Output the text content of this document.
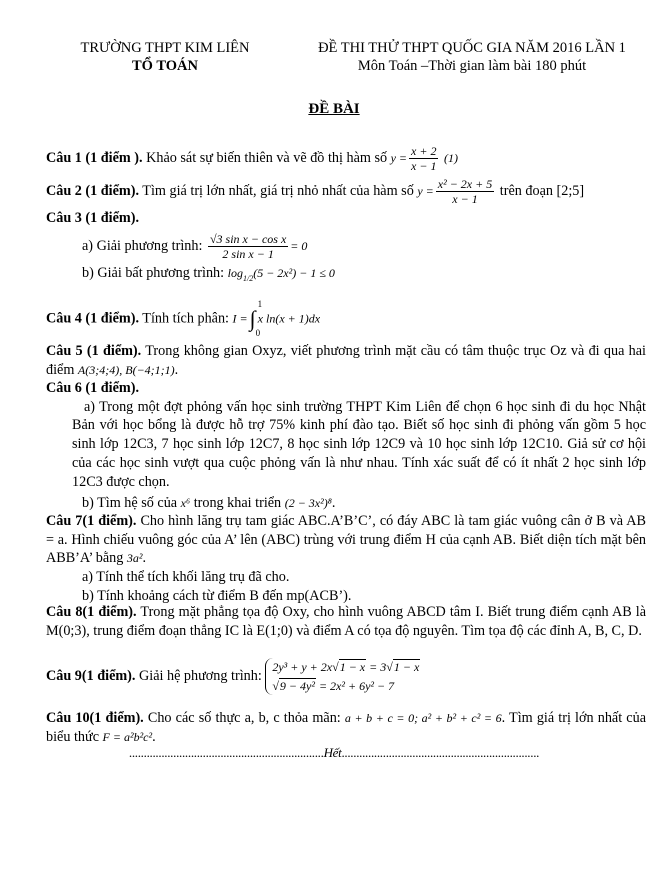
TRƯỜNG THPT KIM LIÊN
TỔ TOÁN
ĐỀ THI THỬ THPT QUỐC GIA NĂM 2016 LẦN 1
Môn Toán –Thời gian làm bài 180 phút
ĐỀ BÀI
Câu 1 (1 điểm ). Khảo sát sự biến thiên và vẽ đồ thị hàm số $y = \frac{x + 2}{x - 1} (1)$
Câu 2 (1 điểm). Tìm giá trị lớn nhất, giá trị nhỏ nhất của hàm số $y = \frac{\text{x² − 2x + 5}}{x - 1}$ trên đoạn [2;5]
Câu 3 (1 điểm).
a) Giải phương trình: $\frac{\text{√3 sin x − cos x}}{\text{2 sin x − 1}} = 0$
b) Giải bất phương trình: $\log_{1/2}(5 - 2x^2) - 1 \le 0$
Câu 4 (1 điểm). Tính tích phân: I =∫
1
0
x ln(x + 1)dx
Câu 5 (1 điểm). Trong không gian Oxyz, viết phương trình mặt cầu có tâm thuộc trục Oz và đi qua hai điểm A(3;4;4), B(−4;1;1).
Câu 6 (1 điểm).
a) Trong một đợt phỏng vấn học sinh trường THPT Kim Liên để chọn 6 học sinh đi du học Nhật Bản với học bổng là được hỗ trợ 75% kinh phí đào tạo. Biết số học sinh đi phỏng vấn gồm 5 học sinh lớp 12C3, 7 học sinh lớp 12C7, 8 học sinh lớp 12C9 và 10 học sinh lớp 12C10. Giả sử cơ hội của các học sinh vượt qua cuộc phỏng vấn là như nhau. Tính xác suất để có ít nhất 2 học sinh lớp 12C3 được chọn.
b) Tìm hệ số của x⁶ trong khai triển (2 − 3x²)⁸.
Câu 7(1 điểm). Cho hình lăng trụ tam giác ABC.A’B’C’, có đáy ABC là tam giác vuông cân ở B và AB = a. Hình chiếu vuông góc của A’ lên (ABC) trùng với trung điểm H của cạnh AB. Biết diện tích mặt bên ABB’A’ bằng 3a².
a) Tính thể tích khối lăng trụ đã cho.
b) Tính khoảng cách từ điểm B đến mp(ACB’).
Câu 8(1 điểm). Trong mặt phẳng tọa độ Oxy, cho hình vuông ABCD tâm I. Biết trung điểm cạnh AB là M(0;3), trung điểm đoạn thẳng IC là E(1;0) và điểm A có tọa độ nguyên. Tìm tọa độ các đỉnh A, B, C, D.
Câu 9(1 điểm). Giải hệ phương trình:
2y³ + y + 2x√1 − x = 3√1 − x
√9 − 4y² = 2x² + 6y² − 7
Câu 10(1 điểm). Cho các số thực a, b, c thỏa mãn: a + b + c = 0; a² + b² + c² = 6. Tìm giá trị lớn nhất của biểu thức F = a²b²c².
..................................................................Hết...................................................................
